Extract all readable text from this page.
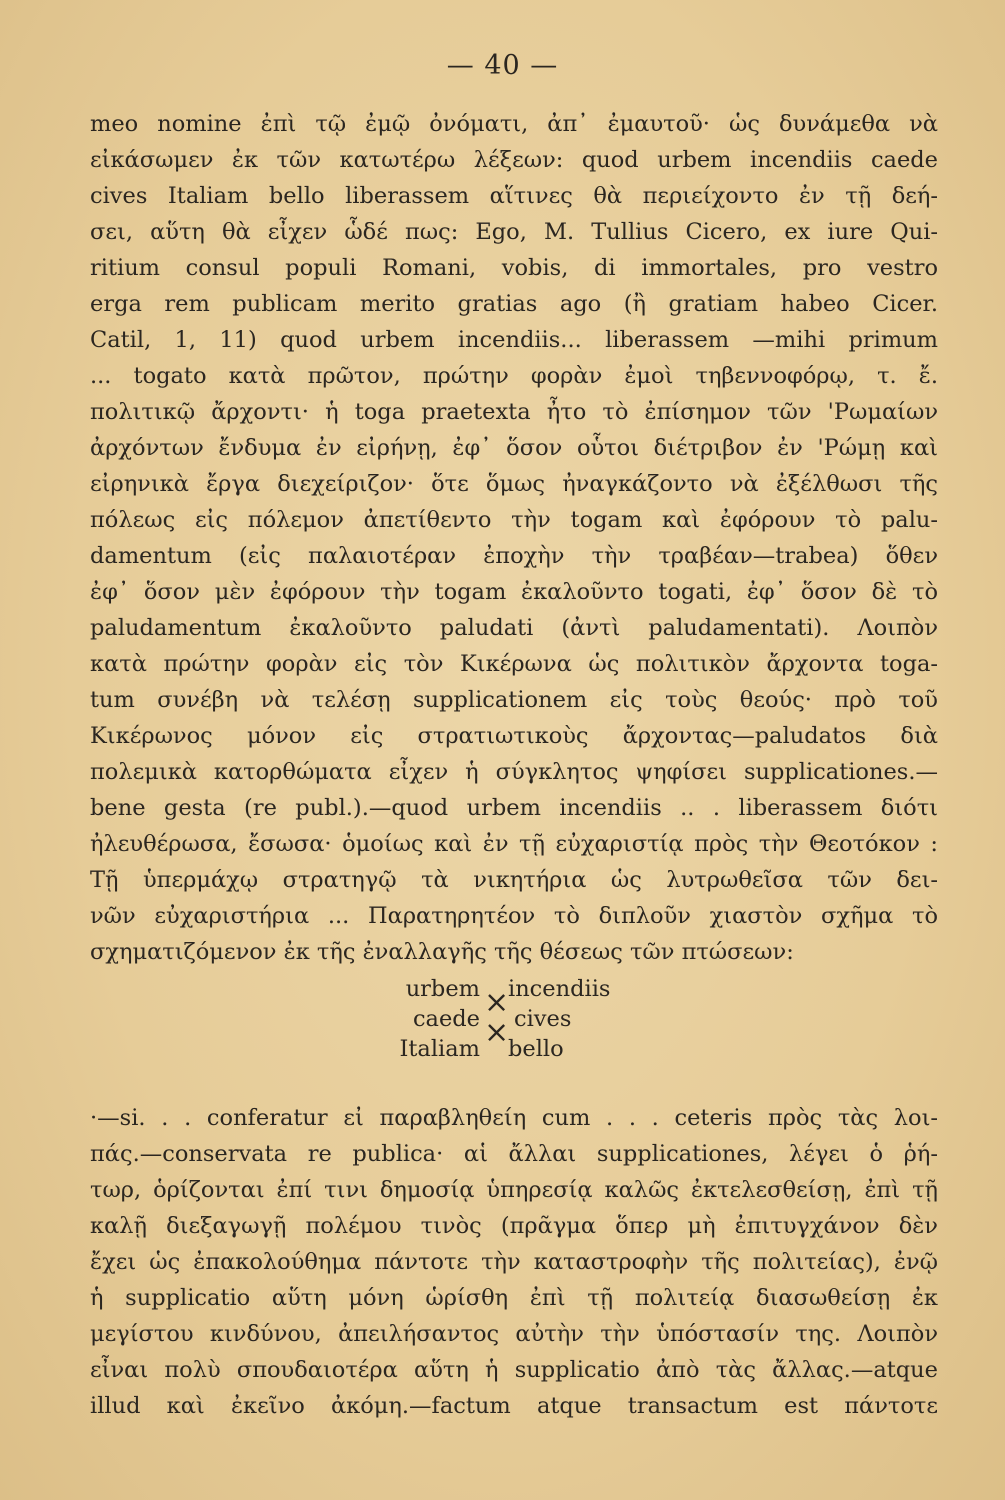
— 40 —
meo nomine ἐπὶ τῷ ἐμῷ ὀνόματι, ἀπ᾽ ἐμαυτοῦ· ὡς δυνάμεθα νὰ
εἰκάσωμεν ἐκ τῶν κατωτέρω λέξεων: quod urbem incendiis caede
cives Italiam bello liberassem αἵτινες θὰ περιείχοντο ἐν τῇ δεή-
σει, αὕτη θὰ εἶχεν ὧδέ πως: Ego, M. Tullius Cicero, ex iure Qui-
ritium consul populi Romani, vobis, di immortales, pro vestro
erga rem publicam merito gratias ago (ἢ gratiam habeo Cicer.
Catil, 1, 11) quod urbem incendiis... liberassem —mihi primum
... togato κατὰ πρῶτον, πρώτην φορὰν ἐμοὶ τηβεννοφόρῳ, τ. ἔ.
πολιτικῷ ἄρχοντι· ἡ toga praetexta ἦτο τὸ ἐπίσημον τῶν 'Ρωμαίων
ἀρχόντων ἔνδυμα ἐν εἰρήνῃ, ἐφ᾽ ὅσον οὗτοι διέτριβον ἐν 'Ρώμῃ καὶ
εἰρηνικὰ ἔργα διεχείριζον· ὅτε ὅμως ἠναγκάζοντο νὰ ἐξέλθωσι τῆς
πόλεως εἰς πόλεμον ἀπετίθεντο τὴν togam καὶ ἐφόρουν τὸ palu-
damentum (εἰς παλαιοτέραν ἐποχὴν τὴν τραβέαν—trabea) ὅθεν
ἐφ᾽ ὅσον μὲν ἐφόρουν τὴν togam ἐκαλοῦντο togati, ἐφ᾽ ὅσον δὲ τὸ
paludamentum ἐκαλοῦντο paludati (ἀντὶ paludamentati). Λοιπὸν
κατὰ πρώτην φορὰν εἰς τὸν Κικέρωνα ὡς πολιτικὸν ἄρχοντα toga-
tum συνέβη νὰ τελέσῃ supplicationem εἰς τοὺς θεούς· πρὸ τοῦ
Κικέρωνος μόνον εἰς στρατιωτικοὺς ἄρχοντας—paludatos διὰ
πολεμικὰ κατορθώματα εἶχεν ἡ σύγκλητος ψηφίσει supplicationes.—
bene gesta (re publ.).—quod urbem incendiis .. . liberassem διότι
ἠλευθέρωσα, ἔσωσα· ὁμοίως καὶ ἐν τῇ εὐχαριστίᾳ πρὸς τὴν Θεοτόκον :
Τῇ ὑπερμάχῳ στρατηγῷ τὰ νικητήρια ὡς λυτρωθεῖσα τῶν δει-
νῶν εὐχαριστήρια ... Παρατηρητέον τὸ διπλοῦν χιαστὸν σχῆμα τὸ
σχηματιζόμενον ἐκ τῆς ἐναλλαγῆς τῆς θέσεως τῶν πτώσεων:
urbem incendiis
caede cives
Italiam bello
×
×
·—si. . . conferatur εἰ παραβληθείη cum . . . ceteris πρὸς τὰς λοι-
πάς.—conservata re publica· αἱ ἄλλαι supplicationes, λέγει ὁ ῥή-
τωρ, ὁρίζονται ἐπί τινι δημοσίᾳ ὑπηρεσίᾳ καλῶς ἐκτελεσθείσῃ, ἐπὶ τῇ
καλῇ διεξαγωγῇ πολέμου τινὸς (πρᾶγμα ὅπερ μὴ ἐπιτυγχάνον δὲν
ἔχει ὡς ἐπακολούθημα πάντοτε τὴν καταστροφὴν τῆς πολιτείας), ἐνῷ
ἡ supplicatio αὕτη μόνη ὡρίσθη ἐπὶ τῇ πολιτείᾳ διασωθείσῃ ἐκ
μεγίστου κινδύνου, ἀπειλήσαντος αὐτὴν τὴν ὑπόστασίν της. Λοιπὸν
εἶναι πολὺ σπουδαιοτέρα αὕτη ἡ supplicatio ἀπὸ τὰς ἄλλας.—atque
illud καὶ ἐκεῖνο ἀκόμη.—factum atque transactum est πάντοτε
